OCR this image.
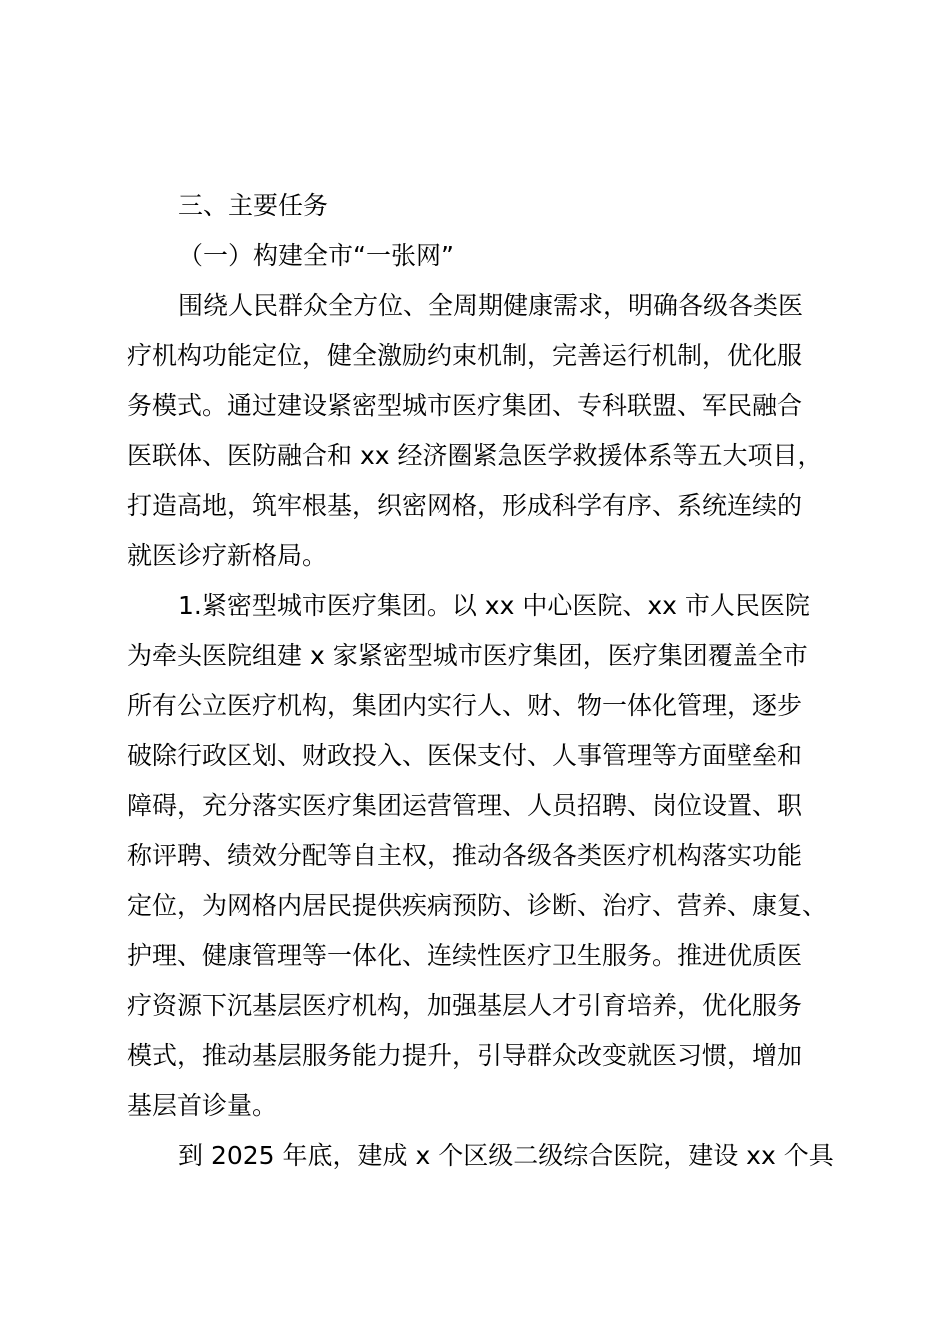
三、主要任务
（一）构建全市“一张网”
围绕人民群众全方位、全周期健康需求，明确各级各类医
疗机构功能定位，健全激励约束机制，完善运行机制，优化服
务模式。通过建设紧密型城市医疗集团、专科联盟、军民融合
医联体、医防融合和 xx 经济圈紧急医学救援体系等五大项目，
打造高地，筑牢根基，织密网格，形成科学有序、系统连续的
就医诊疗新格局。
1.紧密型城市医疗集团。以 xx 中心医院、xx 市人民医院
为牵头医院组建 x 家紧密型城市医疗集团，医疗集团覆盖全市
所有公立医疗机构，集团内实行人、财、物一体化管理，逐步
破除行政区划、财政投入、医保支付、人事管理等方面壁垒和
障碍，充分落实医疗集团运营管理、人员招聘、岗位设置、职
称评聘、绩效分配等自主权，推动各级各类医疗机构落实功能
定位，为网格内居民提供疾病预防、诊断、治疗、营养、康复、
护理、健康管理等一体化、连续性医疗卫生服务。推进优质医
疗资源下沉基层医疗机构，加强基层人才引育培养，优化服务
模式，推动基层服务能力提升，引导群众改变就医习惯，增加
基层首诊量。
到 2025 年底，建成 x 个区级二级综合医院，建设 xx 个具
